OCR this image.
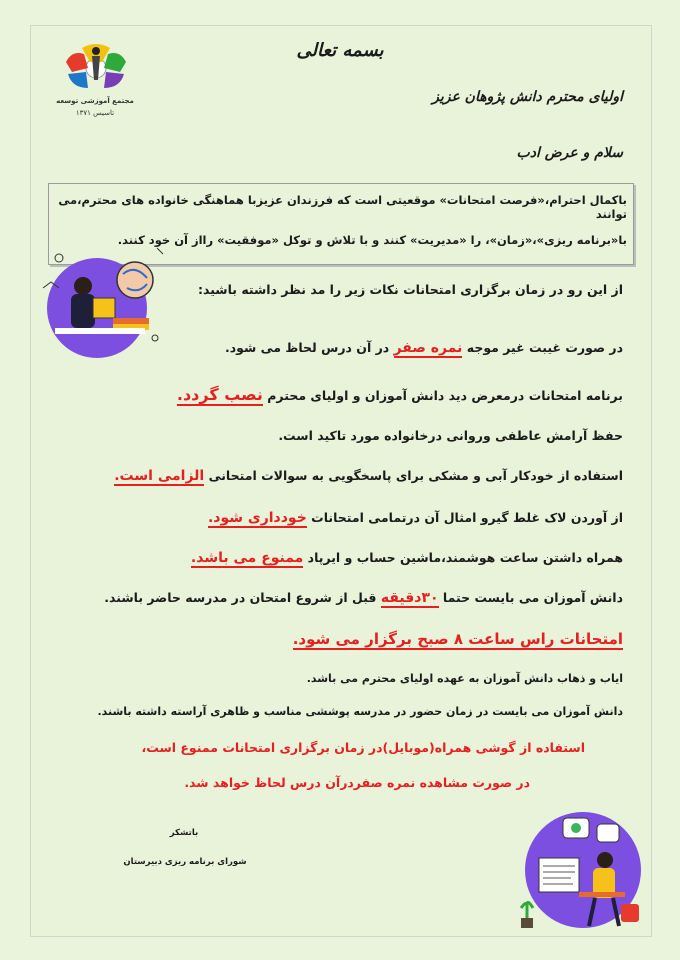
مجتمع آموزشی توسعه
تاسیس ۱۳۷۱
بسمه تعالی
اولیای محترم دانش پژوهان عزیز
سلام و عرض ادب
باکمال احترام،«فرصت امتحانات» موقعیتی است که فرزندان عزیزبا هماهنگی خانواده های محترم،می توانند
با«برنامه ریزی»،«زمان»، را «مدیریت» کنند و با تلاش و توکل «موفقیت» رااز آن خود کنند.
از این رو در زمان برگزاری امتحانات نکات زیر را مد نظر داشته باشید:
در صورت غیبت غیر موجه نمره صفر در آن درس لحاظ می شود.
برنامه امتحانات درمعرض دید دانش آموزان و اولیای محترم نصب گردد.
حفظ آرامش عاطفی وروانی درخانواده مورد تاکید است.
استفاده از خودکار آبی و مشکی برای پاسخگویی به سوالات امتحانی الزامی است.
از آوردن لاک غلط گیرو امثال آن درتمامی امتحانات خودداری شود.
همراه داشتن ساعت هوشمند،ماشین حساب و ایرپاد ممنوع می باشد.
دانش آموزان می بایست حتما ۳۰دقیقه قبل از شروع امتحان در مدرسه حاضر باشند.
امتحانات راس ساعت ۸ صبح برگزار می شود.
ایاب و ذهاب دانش آموزان به عهده اولیای محترم می باشد.
دانش آموزان می بایست در زمان حضور در مدرسه پوششی مناسب و ظاهری آراسته داشته باشند.
استفاده از گوشی همراه(موبایل)در زمان برگزاری امتحانات ممنوع است،
در صورت مشاهده نمره صفردرآن درس لحاظ خواهد شد.
باتشکر
شورای برنامه ریزی دبیرستان
